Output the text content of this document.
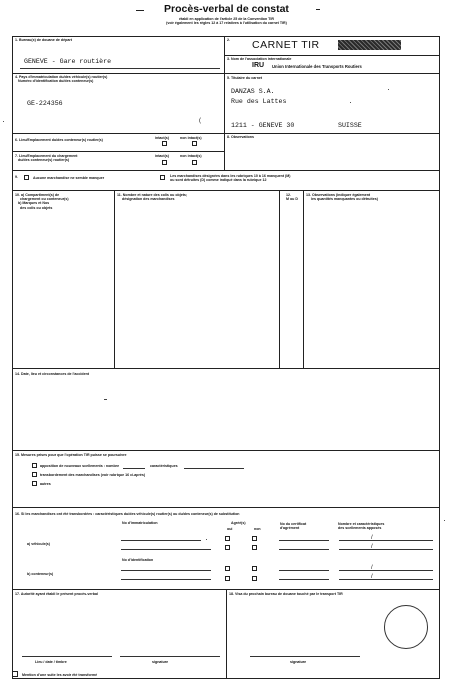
Procès-verbal de constat
établi en application de l'article 25 de la Convention TIR
(voir également les règles 12 à 17 relatives à l'utilisation du carnet TIR)
1. Bureau(x) de douane de départ
GENEVE - Gare routière
2. CARNET TIR
3. Nom de l'association internationale
IRU Union Internationale des Transports Routiers
4. Pays d'immatriculation du/des véhicule(s) routier(s)
Numéro d'identification du/des conteneur(s)
GE-224356
(
5. Titulaire du carnet
DANZAS S.A.
Rue des Lattes
1211 - GENEVE 30	SUISSE
6. Lieu/Emplacement du/des conteneur(s) routier(s)	intact(s)	non intact(s)	8. Observations
7. Lieu/Emplacement du chargement
du/des conteneur(s) routier(s)
intact(s)	non intact(s)
9.	Aucune marchandise ne semble manquer	Les marchandises désignées dans les rubriques 10 à 16 manquent (M)
ou sont détruites (D) comme indiqué dans la rubrique 12
10. a) Compartiment(s) de
chargement ou conteneur(s)
b) Marques et Nos
des colis ou objets
11. Nombre et nature des colis ou objets;
désignation des marchandises
12.
M ou D
13. Observations (indiquer également
les quantités manquantes ou détruites)
14. Date, lieu et circonstances de l'accident
15. Mesures prises pour que l'opération TIR puisse se poursuivre
apposition de nouveaux scellements : nombre	caractéristiques
transbordement des marchandises (voir rubrique 16 ci-après)
autres
16. Si les marchandises ont été transbordées : caractéristiques du/des véhicule(s) routier(s) ou du/des conteneur(s) de substitution
No d'immatriculation	Agréé(s)
oui	non
No du certificat
d'agrément
Nombre et caractéristiques
des scellements apposés
a) véhicule(s)
/
/
No d'identification
b) conteneur(s)
/
/
17. Autorité ayant établi le présent procès-verbal
Lieu / date / timbre	signature
18. Visa du prochain bureau de douane touché par le transport TIR
signature
Mention d'une suite les avoir été transformé
